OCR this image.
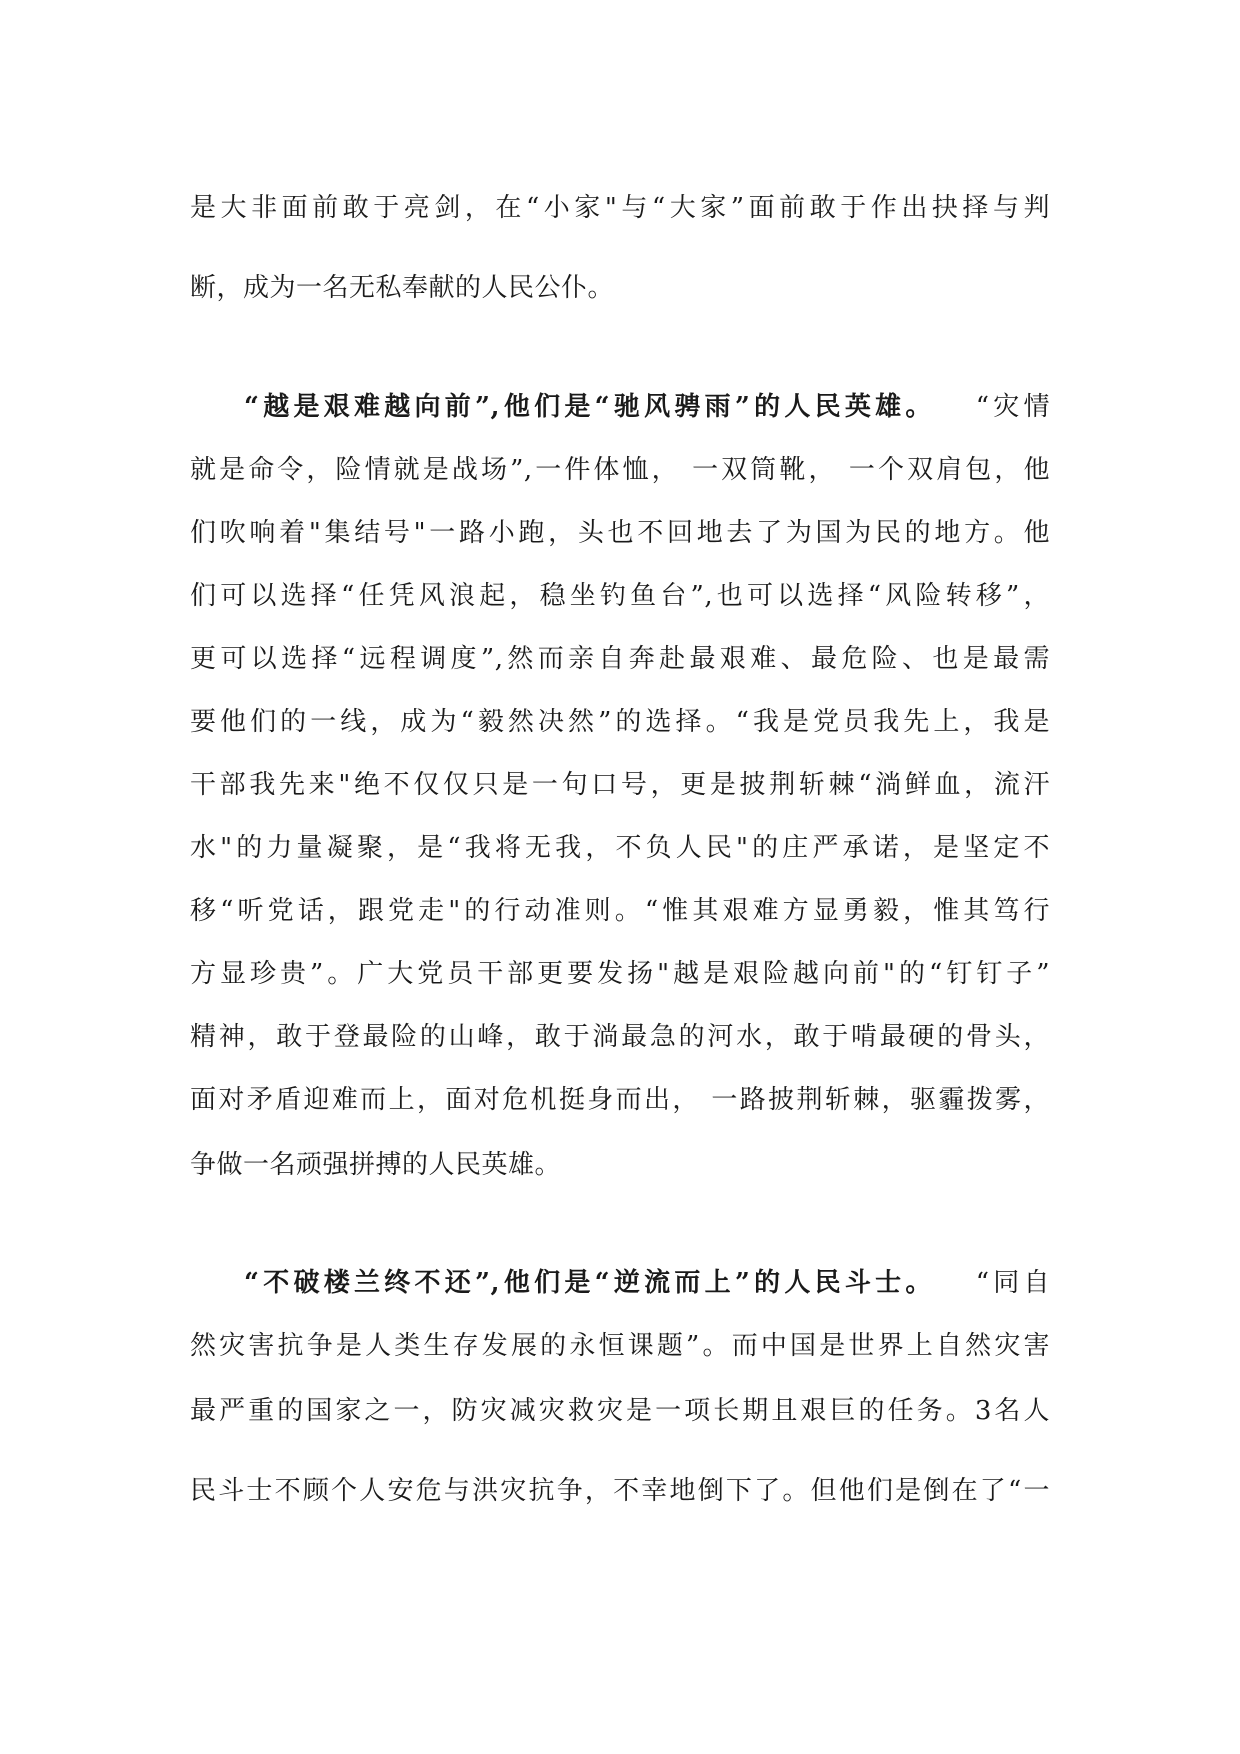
是大非面前敢于亮剑，在“小家"与“大家”面前敢于作出抉择与判
断，成为一名无私奉献的人民公仆。
“越是艰难越向前”,他们是“驰风骋雨”的人民英雄。 “灾情
就是命令，险情就是战场”,一件体恤， 一双筒靴， 一个双肩包，他
们吹响着"集结号"一路小跑，头也不回地去了为国为民的地方。他
们可以选择“任凭风浪起，稳坐钓鱼台”,也可以选择“风险转移”，
更可以选择“远程调度”,然而亲自奔赴最艰难、最危险、也是最需
要他们的一线，成为“毅然决然”的选择。“我是党员我先上，我是
干部我先来"绝不仅仅只是一句口号，更是披荆斩棘“淌鲜血，流汗
水"的力量凝聚，是“我将无我，不负人民"的庄严承诺，是坚定不
移“听党话，跟党走"的行动准则。“惟其艰难方显勇毅，惟其笃行
方显珍贵”。广大党员干部更要发扬"越是艰险越向前"的“钉钉子”
精神，敢于登最险的山峰，敢于淌最急的河水，敢于啃最硬的骨头，
面对矛盾迎难而上，面对危机挺身而出， 一路披荆斩棘，驱霾拨雾，
争做一名顽强拼搏的人民英雄。
“不破楼兰终不还”,他们是“逆流而上”的人民斗士。 “同自
然灾害抗争是人类生存发展的永恒课题”。而中国是世界上自然灾害
最严重的国家之一，防灾减灾救灾是一项长期且艰巨的任务。3名人
民斗士不顾个人安危与洪灾抗争，不幸地倒下了。但他们是倒在了“一
